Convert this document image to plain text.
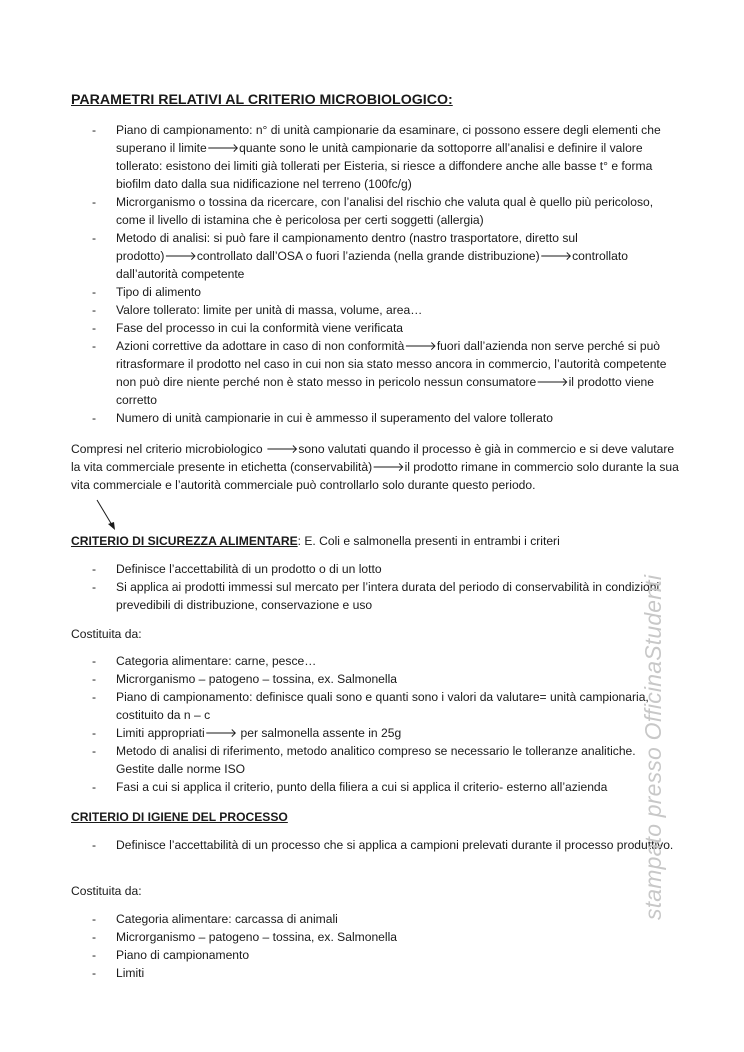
PARAMETRI RELATIVI AL CRITERIO MICROBIOLOGICO:
- Piano di campionamento: n° di unità campionarie da esaminare, ci possono essere degli elementi che superano il limite🡒quante sono le unità campionarie da sottoporre all’analisi e definire il valore tollerato: esistono dei limiti già tollerati per Eisteria, si riesce a diffondere anche alle basse t° e forma biofilm dato dalla sua nidificazione nel terreno (100fc/g)
- Microrganismo o tossina da ricercare, con l’analisi del rischio che valuta qual è quello più pericoloso, come il livello di istamina che è pericolosa per certi soggetti (allergia)
- Metodo di analisi: si può fare il campionamento dentro (nastro trasportatore, diretto sul prodotto)🡒controllato dall’OSA o fuori l’azienda (nella grande distribuzione)🡒controllato dall’autorità competente
- Tipo di alimento
- Valore tollerato: limite per unità di massa, volume, area…
- Fase del processo in cui la conformità viene verificata
- Azioni correttive da adottare in caso di non conformità🡒fuori dall’azienda non serve perché si può ritrasformare il prodotto nel caso in cui non sia stato messo ancora in commercio, l’autorità competente non può dire niente perché non è stato messo in pericolo nessun consumatore🡒il prodotto viene corretto
- Numero di unità campionarie in cui è ammesso il superamento del valore tollerato

Compresi nel criterio microbiologico 🡒sono valutati quando il processo è già in commercio e si deve valutare la vita commerciale presente in etichetta (conservabilità)🡒il prodotto rimane in commercio solo durante la sua vita commerciale e l’autorità commerciale può controllarlo solo durante questo periodo.

CRITERIO DI SICUREZZA ALIMENTARE: E. Coli e salmonella presenti in entrambi i criteri

- Definisce l’accettabilità di un prodotto o di un lotto
- Si applica ai prodotti immessi sul mercato per l’intera durata del periodo di conservabilità in condizioni prevedibili di distribuzione, conservazione e uso

Costituita da:

- Categoria alimentare: carne, pesce…
- Microrganismo – patogeno – tossina, ex. Salmonella
- Piano di campionamento: definisce quali sono e quanti sono i valori da valutare= unità campionaria, costituito da n – c
- Limiti appropriati🡒 per salmonella assente in 25g
- Metodo di analisi di riferimento, metodo analitico compreso se necessario le tolleranze analitiche. Gestite dalle norme ISO
- Fasi a cui si applica il criterio, punto della filiera a cui si applica il criterio- esterno all’azienda

CRITERIO DI IGIENE DEL PROCESSO

- Definisce l’accettabilità di un processo che si applica a campioni prelevati durante il processo produttivo.

Costituita da:

- Categoria alimentare: carcassa di animali
- Microrganismo – patogeno – tossina, ex. Salmonella
- Piano di campionamento
- Limiti
stampato presso OfficinaStudenti
